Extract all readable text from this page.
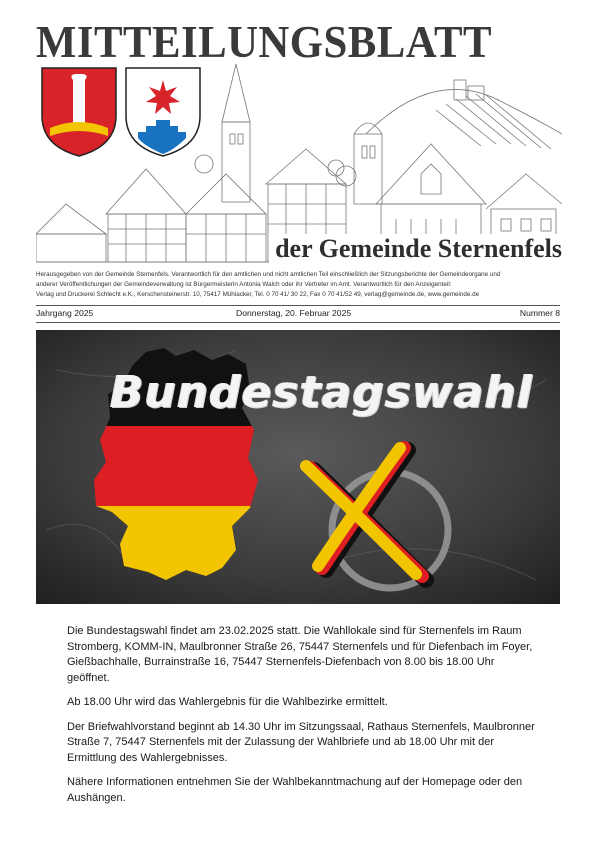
MITTEILUNGSBLATT
der Gemeinde Sternenfels
Herausgegeben von der Gemeinde Sternenfels. Verantwortlich für den amtlichen und nicht amtlichen Teil einschließlich der Sitzungsberichte der Gemeindeorgane und
anderer Veröffentlichungen der Gemeindeverwaltung ist Bürgermeisterin Antonia Walch oder ihr Vertreter im Amt. Verantwortlich für den Anzeigenteil:
Verlag und Druckerei Schlecht e.K., Kerschensteinerstr. 10, 75417 Mühlacker, Tel. 0 70 41/ 30 22, Fax 0 70 41/52 49, verlag@gemeinde.de, www.gemeinde.de
Jahrgang 2025	Donnerstag, 20. Februar 2025	Nummer 8
Bundestagswahl

Die Bundestagswahl findet am 23.02.2025 statt. Die Wahllokale sind für Sternenfels im Raum Stromberg, KOMM-IN, Maulbronner Straße 26, 75447 Sternenfels und für Diefenbach im Foyer, Gießbachhalle, Burrainstraße 16, 75447 Sternenfels-Diefenbach von 8.00 bis 18.00 Uhr geöffnet.

Ab 18.00 Uhr wird das Wahlergebnis für die Wahlbezirke ermittelt.

Der Briefwahlvorstand beginnt ab 14.30 Uhr im Sitzungssaal, Rathaus Sternenfels, Maulbronner Straße 7, 75447 Sternenfels mit der Zulassung der Wahlbriefe und ab 18.00 Uhr mit der Ermittlung des Wahlergebnisses.

Nähere Informationen entnehmen Sie der Wahlbekanntmachung auf der Homepage oder den Aushängen.
